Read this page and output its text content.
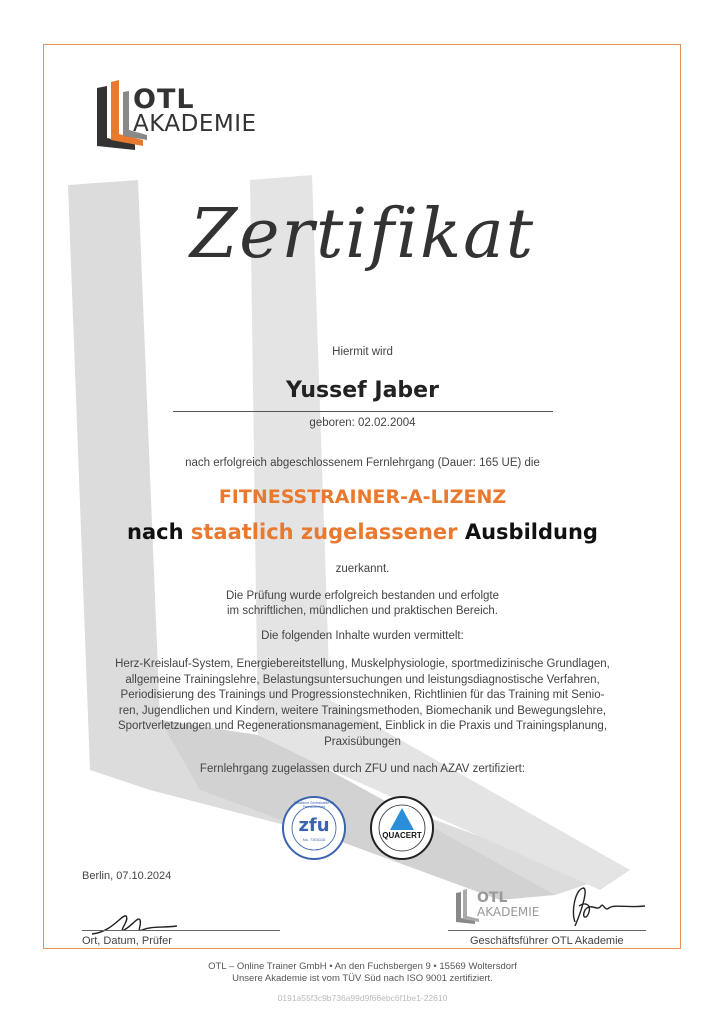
OTL
AKADEMIE
Zertifikat
Hiermit wird
Yussef Jaber
geboren: 02.02.2004
nach erfolgreich abgeschlossenem Fernlehrgang (Dauer: 165 UE) die
FITNESSTRAINER-A-LIZENZ
nach staatlich zugelassener Ausbildung
zuerkannt.
Die Prüfung wurde erfolgreich bestanden und erfolgte
im schriftlichen, mündlichen und praktischen Bereich.
Die folgenden Inhalte wurden vermittelt:
Herz-Kreislauf-System, Energiebereitstellung, Muskelphysiologie, sportmedizinische Grundlagen,
allgemeine Trainingslehre, Belastungsuntersuchungen und leistungsdiagnostische Verfahren,
Periodisierung des Trainings und Progressionstechniken, Richtlinien für das Training mit Senio-
ren, Jugendlichen und Kindern, weitere Trainingsmethoden, Biomechanik und Bewegungslehre,
Sportverletzungen und Regenerationsmanagement, Einblick in die Praxis und Trainingsplanung,
Praxisübungen
Fernlehrgang zugelassen durch ZFU und nach AZAV zertifiziert:
zfu
No. 7304116
Staatliche Zentralstelle für Fernunterricht
QUACERT
Berlin, 07.10.2024
Ort, Datum, Prüfer
OTL
AKADEMIE
Geschäftsführer OTL Akademie
OTL – Online Trainer GmbH • An den Fuchsbergen 9 • 15569 Woltersdorf
Unsere Akademie ist vom TÜV Süd nach ISO 9001 zertifiziert.
0191a55f3c9b736a99d9f66ebc6f1be1-22610
